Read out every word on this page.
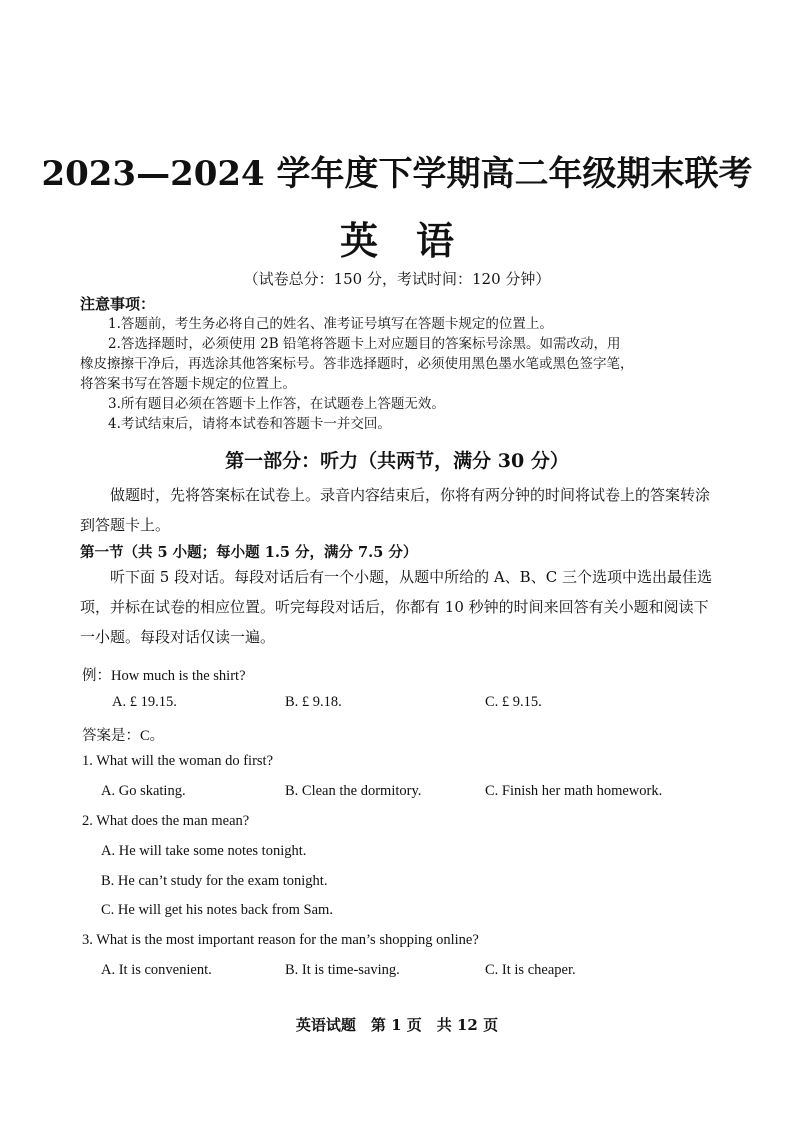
2023—2024 学年度下学期高二年级期末联考
英　语
（试卷总分：150 分，考试时间：120 分钟）
注意事项：
1.答题前，考生务必将自己的姓名、准考证号填写在答题卡规定的位置上。
2.答选择题时，必须使用 2B 铅笔将答题卡上对应题目的答案标号涂黑。如需改动，用
橡皮擦擦干净后，再选涂其他答案标号。答非选择题时，必须使用黑色墨水笔或黑色签字笔，
将答案书写在答题卡规定的位置上。
3.所有题目必须在答题卡上作答，在试题卷上答题无效。
4.考试结束后，请将本试卷和答题卡一并交回。
第一部分：听力（共两节，满分 30 分）
做题时，先将答案标在试卷上。录音内容结束后，你将有两分钟的时间将试卷上的答案转涂到答题卡上。
第一节（共 5 小题；每小题 1.5 分，满分 7.5 分）
听下面 5 段对话。每段对话后有一个小题，从题中所给的 A、B、C 三个选项中选出最佳选项，并标在试卷的相应位置。听完每段对话后，你都有 10 秒钟的时间来回答有关小题和阅读下一小题。每段对话仅读一遍。
例：How much is the shirt?
A. £ 19.15.	B. £ 9.18.	C. £ 9.15.
答案是：C。
1. What will the woman do first?
A. Go skating.	B. Clean the dormitory.	C. Finish her math homework.
2. What does the man mean?
A. He will take some notes tonight.
B. He can’t study for the exam tonight.
C. He will get his notes back from Sam.
3. What is the most important reason for the man’s shopping online?
A. It is convenient.	B. It is time-saving.	C. It is cheaper.
英语试题　第 1 页　共 12 页
